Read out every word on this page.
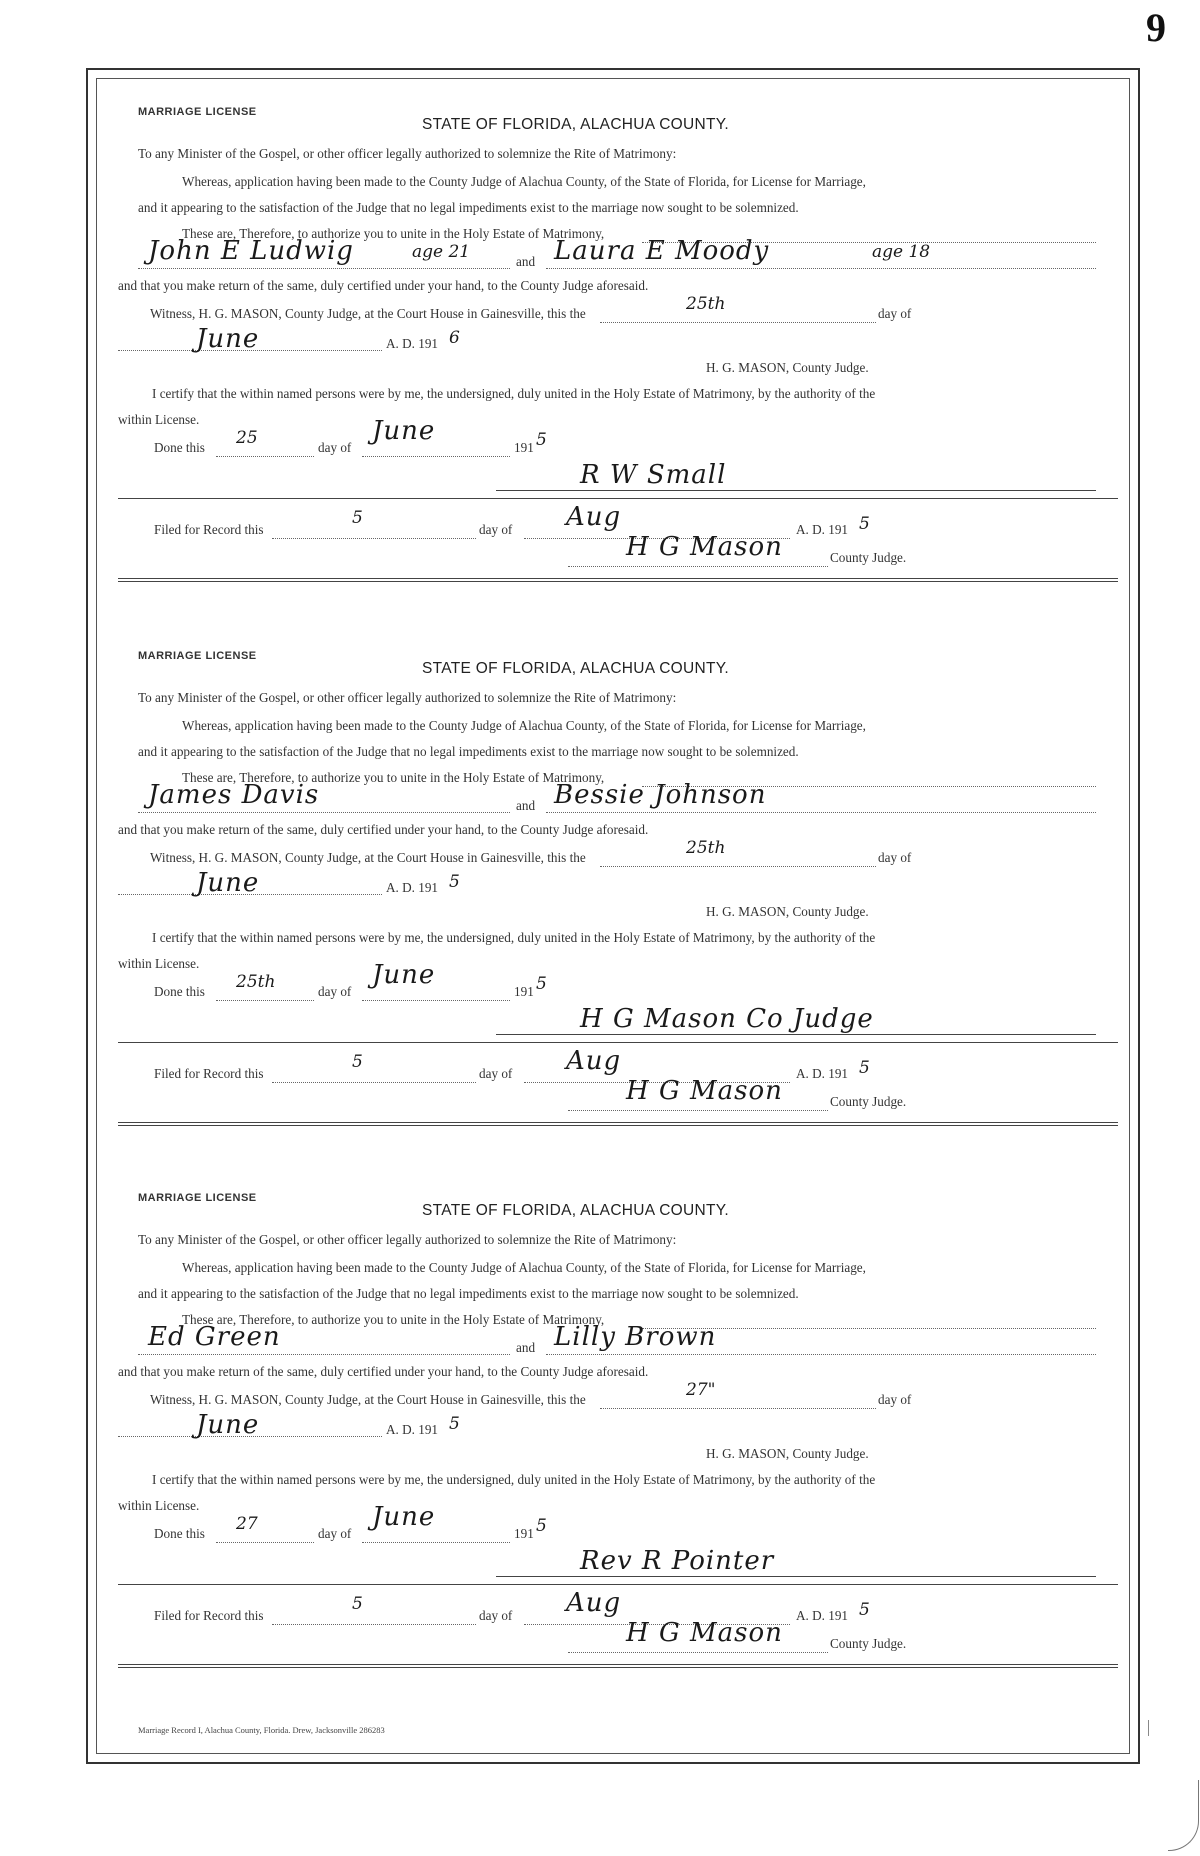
9
MARRIAGE LICENSE
STATE OF FLORIDA, ALACHUA COUNTY.
To any Minister of the Gospel, or other officer legally authorized to solemnize the Rite of Matrimony:
Whereas, application having been made to the County Judge of Alachua County, of the State of Florida, for License for Marriage,
and it appearing to the satisfaction of the Judge that no legal impediments exist to the marriage now sought to be solemnized.
These are, Therefore, to authorize you to unite in the Holy Estate of Matrimony,
John E Ludwig	age 21	and Laura E Moody	age 18
and that you make return of the same, duly certified under your hand, to the County Judge aforesaid.
Witness, H. G. MASON, County Judge, at the Court House in Gainesville, this the	25th	day of
June	A. D. 191 6
H. G. MASON, County Judge.
I certify that the within named persons were by me, the undersigned, duly united in the Holy Estate of Matrimony, by the authority of the
within License.
Done this 25	day of
June
191 5
R W Small
Filed for Record this
5
day of Aug	A. D. 191 5
H G Mason	County Judge.
MARRIAGE LICENSE
STATE OF FLORIDA, ALACHUA COUNTY.
To any Minister of the Gospel, or other officer legally authorized to solemnize the Rite of Matrimony:
Whereas, application having been made to the County Judge of Alachua County, of the State of Florida, for License for Marriage,
and it appearing to the satisfaction of the Judge that no legal impediments exist to the marriage now sought to be solemnized.
These are, Therefore, to authorize you to unite in the Holy Estate of Matrimony,
James Davis	and Bessie Johnson
and that you make return of the same, duly certified under your hand, to the County Judge aforesaid.
Witness, H. G. MASON, County Judge, at the Court House in Gainesville, this the	25th	day of
June	A. D. 191 5
H. G. MASON, County Judge.
I certify that the within named persons were by me, the undersigned, duly united in the Holy Estate of Matrimony, by the authority of the
within License.
Done this 25th	day of
June
191 5
H G Mason Co Judge
Filed for Record this
5
day of Aug	A. D. 191 5
H G Mason	County Judge.
MARRIAGE LICENSE
STATE OF FLORIDA, ALACHUA COUNTY.
To any Minister of the Gospel, or other officer legally authorized to solemnize the Rite of Matrimony:
Whereas, application having been made to the County Judge of Alachua County, of the State of Florida, for License for Marriage,
and it appearing to the satisfaction of the Judge that no legal impediments exist to the marriage now sought to be solemnized.
These are, Therefore, to authorize you to unite in the Holy Estate of Matrimony,
Ed Green	and Lilly Brown
and that you make return of the same, duly certified under your hand, to the County Judge aforesaid.
Witness, H. G. MASON, County Judge, at the Court House in Gainesville, this the	27"	day of
June	A. D. 191 5
H. G. MASON, County Judge.
I certify that the within named persons were by me, the undersigned, duly united in the Holy Estate of Matrimony, by the authority of the
within License.
Done this 27	day of
June
191 5
Rev R Pointer
Filed for Record this
5
day of Aug	A. D. 191 5
H G Mason	County Judge.
Marriage Record I, Alachua County, Florida. Drew, Jacksonville 286283
